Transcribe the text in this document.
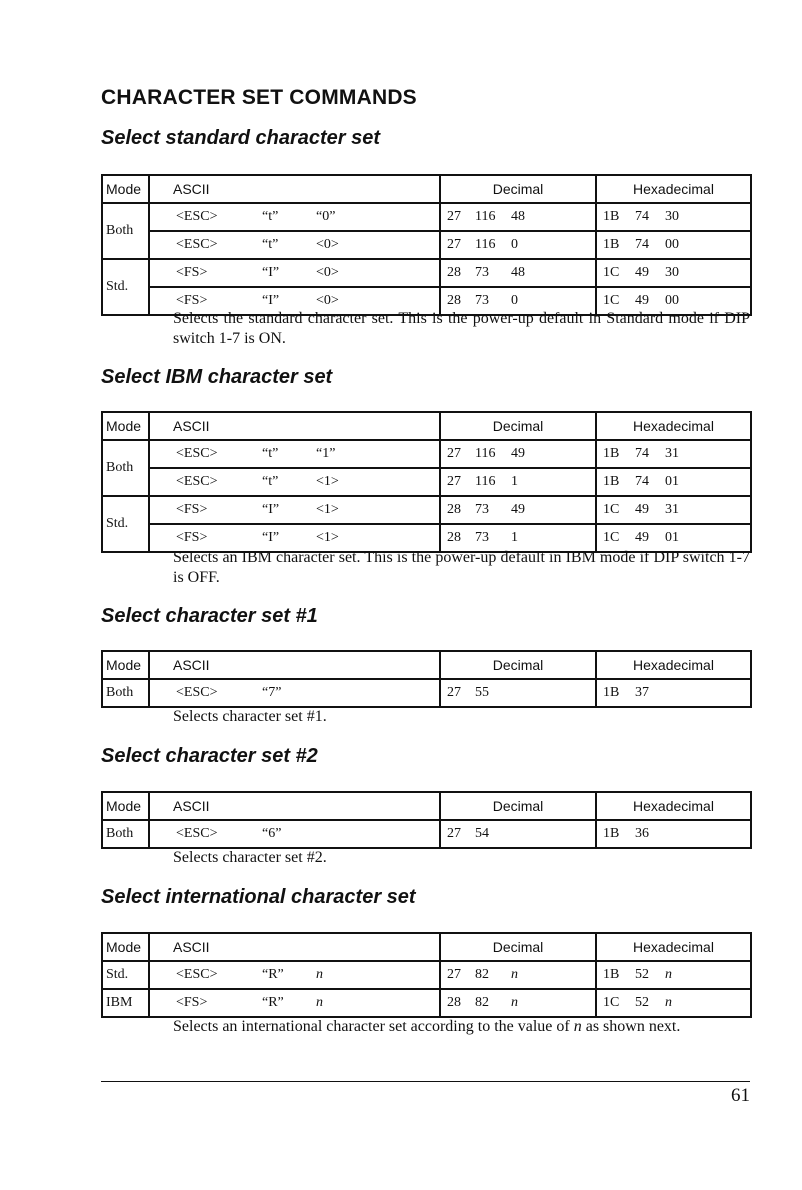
CHARACTER SET COMMANDS
Select standard character set
Mode	ASCII	Decimal	Hexadecimal
Both	<ESC> “t” “0”	27 116 48	1B 74 30
	<ESC> “t” <0>	27 116 0	1B 74 00
Std.	<FS> “I” <0>	28 73 48	1C 49 30
	<FS> “I” <0>	28 73 0	1C 49 00
Selects the standard character set. This is the power-up default in Standard mode if DIP switch 1-7 is ON.
Select IBM character set
Mode	ASCII	Decimal	Hexadecimal
Both	<ESC> “t” “1”	27 116 49	1B 74 31
	<ESC> “t” <1>	27 116 1	1B 74 01
Std.	<FS> “I” <1>	28 73 49	1C 49 31
	<FS> “I” <1>	28 73 1	1C 49 01
Selects an IBM character set. This is the power-up default in IBM mode if DIP switch 1-7 is OFF.
Select character set #1
Mode	ASCII	Decimal	Hexadecimal
Both	<ESC> “7”	27 55	1B 37
Selects character set #1.
Select character set #2
Mode	ASCII	Decimal	Hexadecimal
Both	<ESC> “6”	27 54	1B 36
Selects character set #2.
Select international character set
Mode	ASCII	Decimal	Hexadecimal
Std.	<ESC> “R” n	27 82 n	1B 52 n
IBM	<FS> “R” n	28 82 n	1C 52 n
Selects an international character set according to the value of n as shown next.
61
